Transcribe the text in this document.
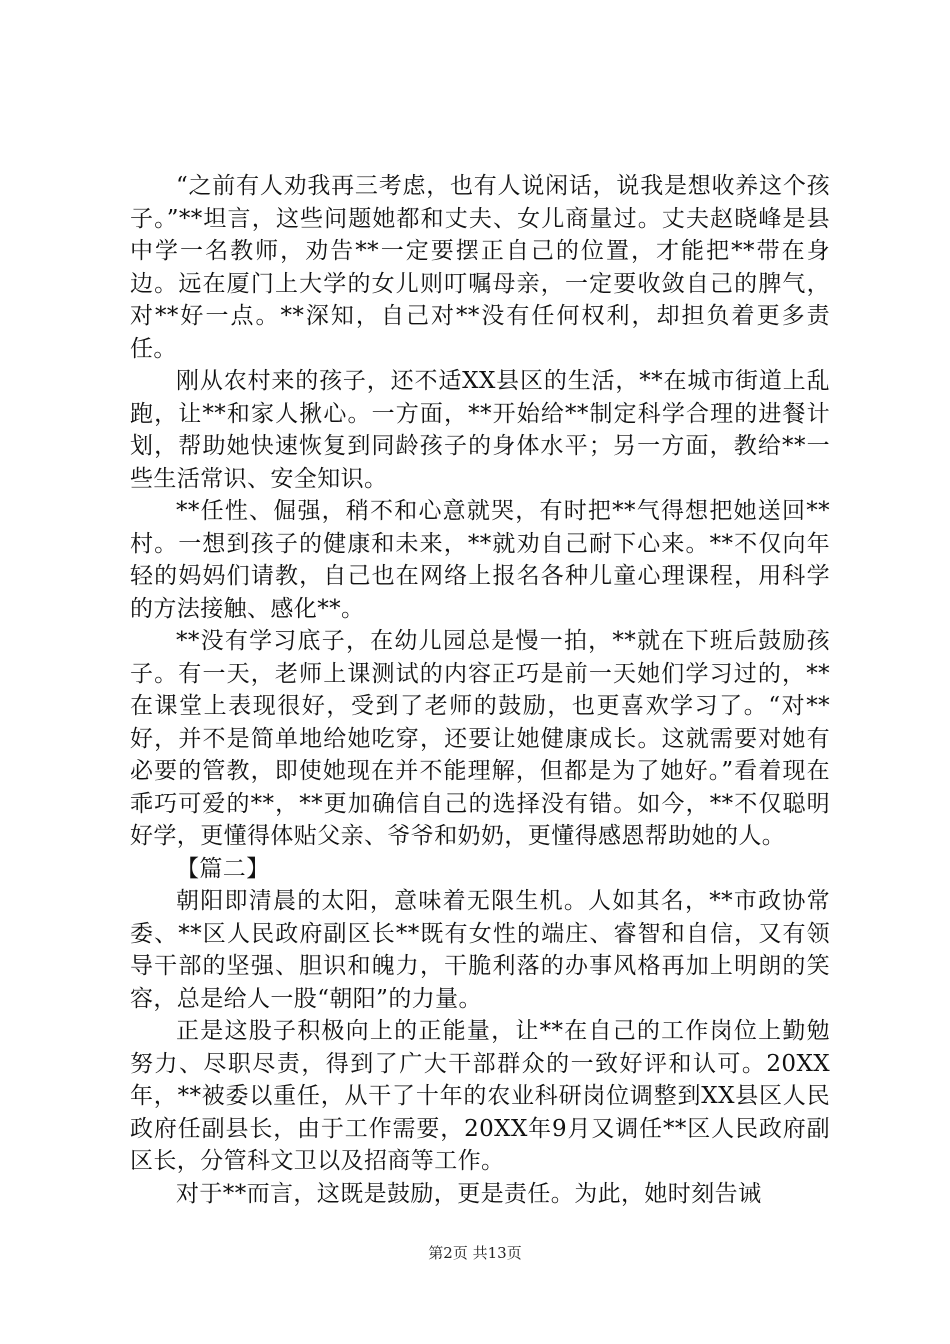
“之前有人劝我再三考虑，也有人说闲话，说我是想收养这个孩子。”**坦言，这些问题她都和丈夫、女儿商量过。丈夫赵晓峰是县中学一名教师，劝告**一定要摆正自己的位置，才能把**带在身边。远在厦门上大学的女儿则叮嘱母亲，一定要收敛自己的脾气，对**好一点。**深知，自己对**没有任何权利，却担负着更多责任。

刚从农村来的孩子，还不适XX县区的生活，**在城市街道上乱跑，让**和家人揪心。一方面，**开始给**制定科学合理的进餐计划，帮助她快速恢复到同龄孩子的身体水平；另一方面，教给**一些生活常识、安全知识。

**任性、倔强，稍不和心意就哭，有时把**气得想把她送回**村。一想到孩子的健康和未来，**就劝自己耐下心来。**不仅向年轻的妈妈们请教，自己也在网络上报名各种儿童心理课程，用科学的方法接触、感化**。

**没有学习底子，在幼儿园总是慢一拍，**就在下班后鼓励孩子。有一天，老师上课测试的内容正巧是前一天她们学习过的，**在课堂上表现很好，受到了老师的鼓励，也更喜欢学习了。“对**好，并不是简单地给她吃穿，还要让她健康成长。这就需要对她有必要的管教，即使她现在并不能理解，但都是为了她好。”看着现在乖巧可爱的**，**更加确信自己的选择没有错。如今，**不仅聪明好学，更懂得体贴父亲、爷爷和奶奶，更懂得感恩帮助她的人。

【篇二】

朝阳即清晨的太阳，意味着无限生机。人如其名，**市政协常委、**区人民政府副区长**既有女性的端庄、睿智和自信，又有领导干部的坚强、胆识和魄力，干脆利落的办事风格再加上明朗的笑容，总是给人一股“朝阳”的力量。

正是这股子积极向上的正能量，让**在自己的工作岗位上勤勉努力、尽职尽责，得到了广大干部群众的一致好评和认可。20XX年，**被委以重任，从干了十年的农业科研岗位调整到XX县区人民政府任副县长，由于工作需要，20XX年9月又调任**区人民政府副区长，分管科文卫以及招商等工作。

对于**而言，这既是鼓励，更是责任。为此，她时刻告诫

第2页 共13页
